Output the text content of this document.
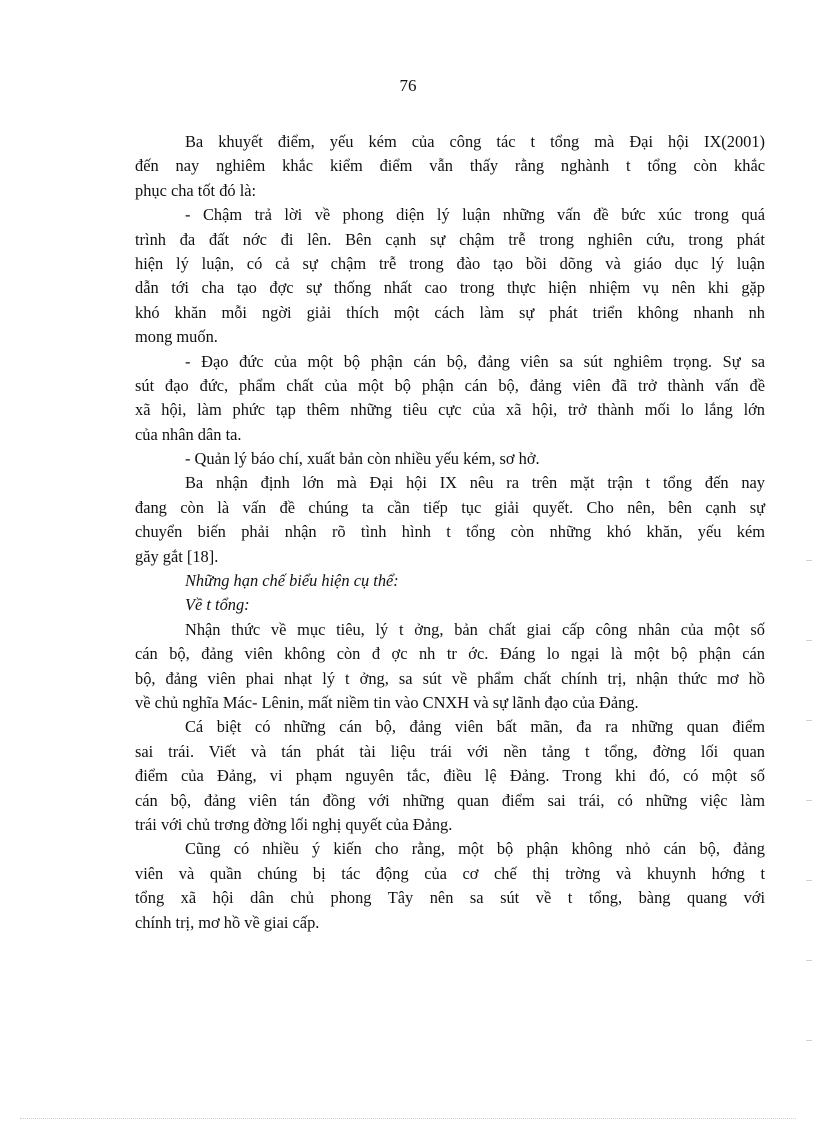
76
Ba khuyết điểm, yếu kém của công tác t tổng mà Đại hội IX(2001)
đến nay nghiêm khắc kiểm điểm vẫn thấy rằng nghành t tổng còn khắc
phục cha tốt đó là:
- Chậm trả lời về phong diện lý luận những vấn đề bức xúc trong quá
trình đa đất nớc đi lên. Bên cạnh sự chậm trễ trong nghiên cứu, trong phát
hiện lý luận, có cả sự chậm trễ trong đào tạo bồi dõng và giáo dục lý luận
dẫn tới cha tạo đợc sự thống nhất cao trong thực hiện nhiệm vụ nên khi gặp
khó khăn mỗi ngời giải thích một cách làm sự phát triển không nhanh nh
mong muốn.
- Đạo đức của một bộ phận cán bộ, đảng viên sa sút nghiêm trọng. Sự sa
sút đạo đức, phẩm chất của một bộ phận cán bộ, đảng viên đã trở thành vấn đề
xã hội, làm phức tạp thêm những tiêu cực của xã hội, trở thành mối lo lắng lớn
của nhân dân ta.
- Quản lý báo chí, xuất bản còn nhiều yếu kém, sơ hở.
Ba nhận định lớn mà Đại hội IX nêu ra trên mặt trận t tổng đến nay
đang còn là vấn đề chúng ta cần tiếp tục giải quyết. Cho nên, bên cạnh sự
chuyển biến phải nhận rõ tình hình t tổng còn những khó khăn, yếu kém
găy gắt [18].
Những hạn chế biểu hiện cụ thể:
Về t tổng:
Nhận thức về mục tiêu, lý t ởng, bản chất giai cấp công nhân của một số
cán bộ, đảng viên không còn đ ợc nh tr ớc. Đáng lo ngại là một bộ phận cán
bộ, đảng viên phai nhạt lý t ởng, sa sút về phẩm chất chính trị, nhận thức mơ hồ
về chủ nghĩa Mác- Lênin, mất niềm tin vào CNXH và sự lãnh đạo của Đảng.
Cá biệt có những cán bộ, đảng viên bất mãn, đa ra những quan điểm
sai trái. Viết và tán phát tài liệu trái với nền tảng t tổng, đờng lối quan
điểm của Đảng, vi phạm nguyên tắc, điều lệ Đảng. Trong khi đó, có một số
cán bộ, đảng viên tán đồng với những quan điểm sai trái, có những việc làm
trái với chủ trơng đờng lối nghị quyết của Đảng.
Cũng có nhiều ý kiến cho rằng, một bộ phận không nhỏ cán bộ, đảng
viên và quần chúng bị tác động của cơ chế thị trờng và khuynh hớng t
tổng xã hội dân chủ phong Tây nên sa sút về t tổng, bàng quang với
chính trị, mơ hồ về giai cấp.
